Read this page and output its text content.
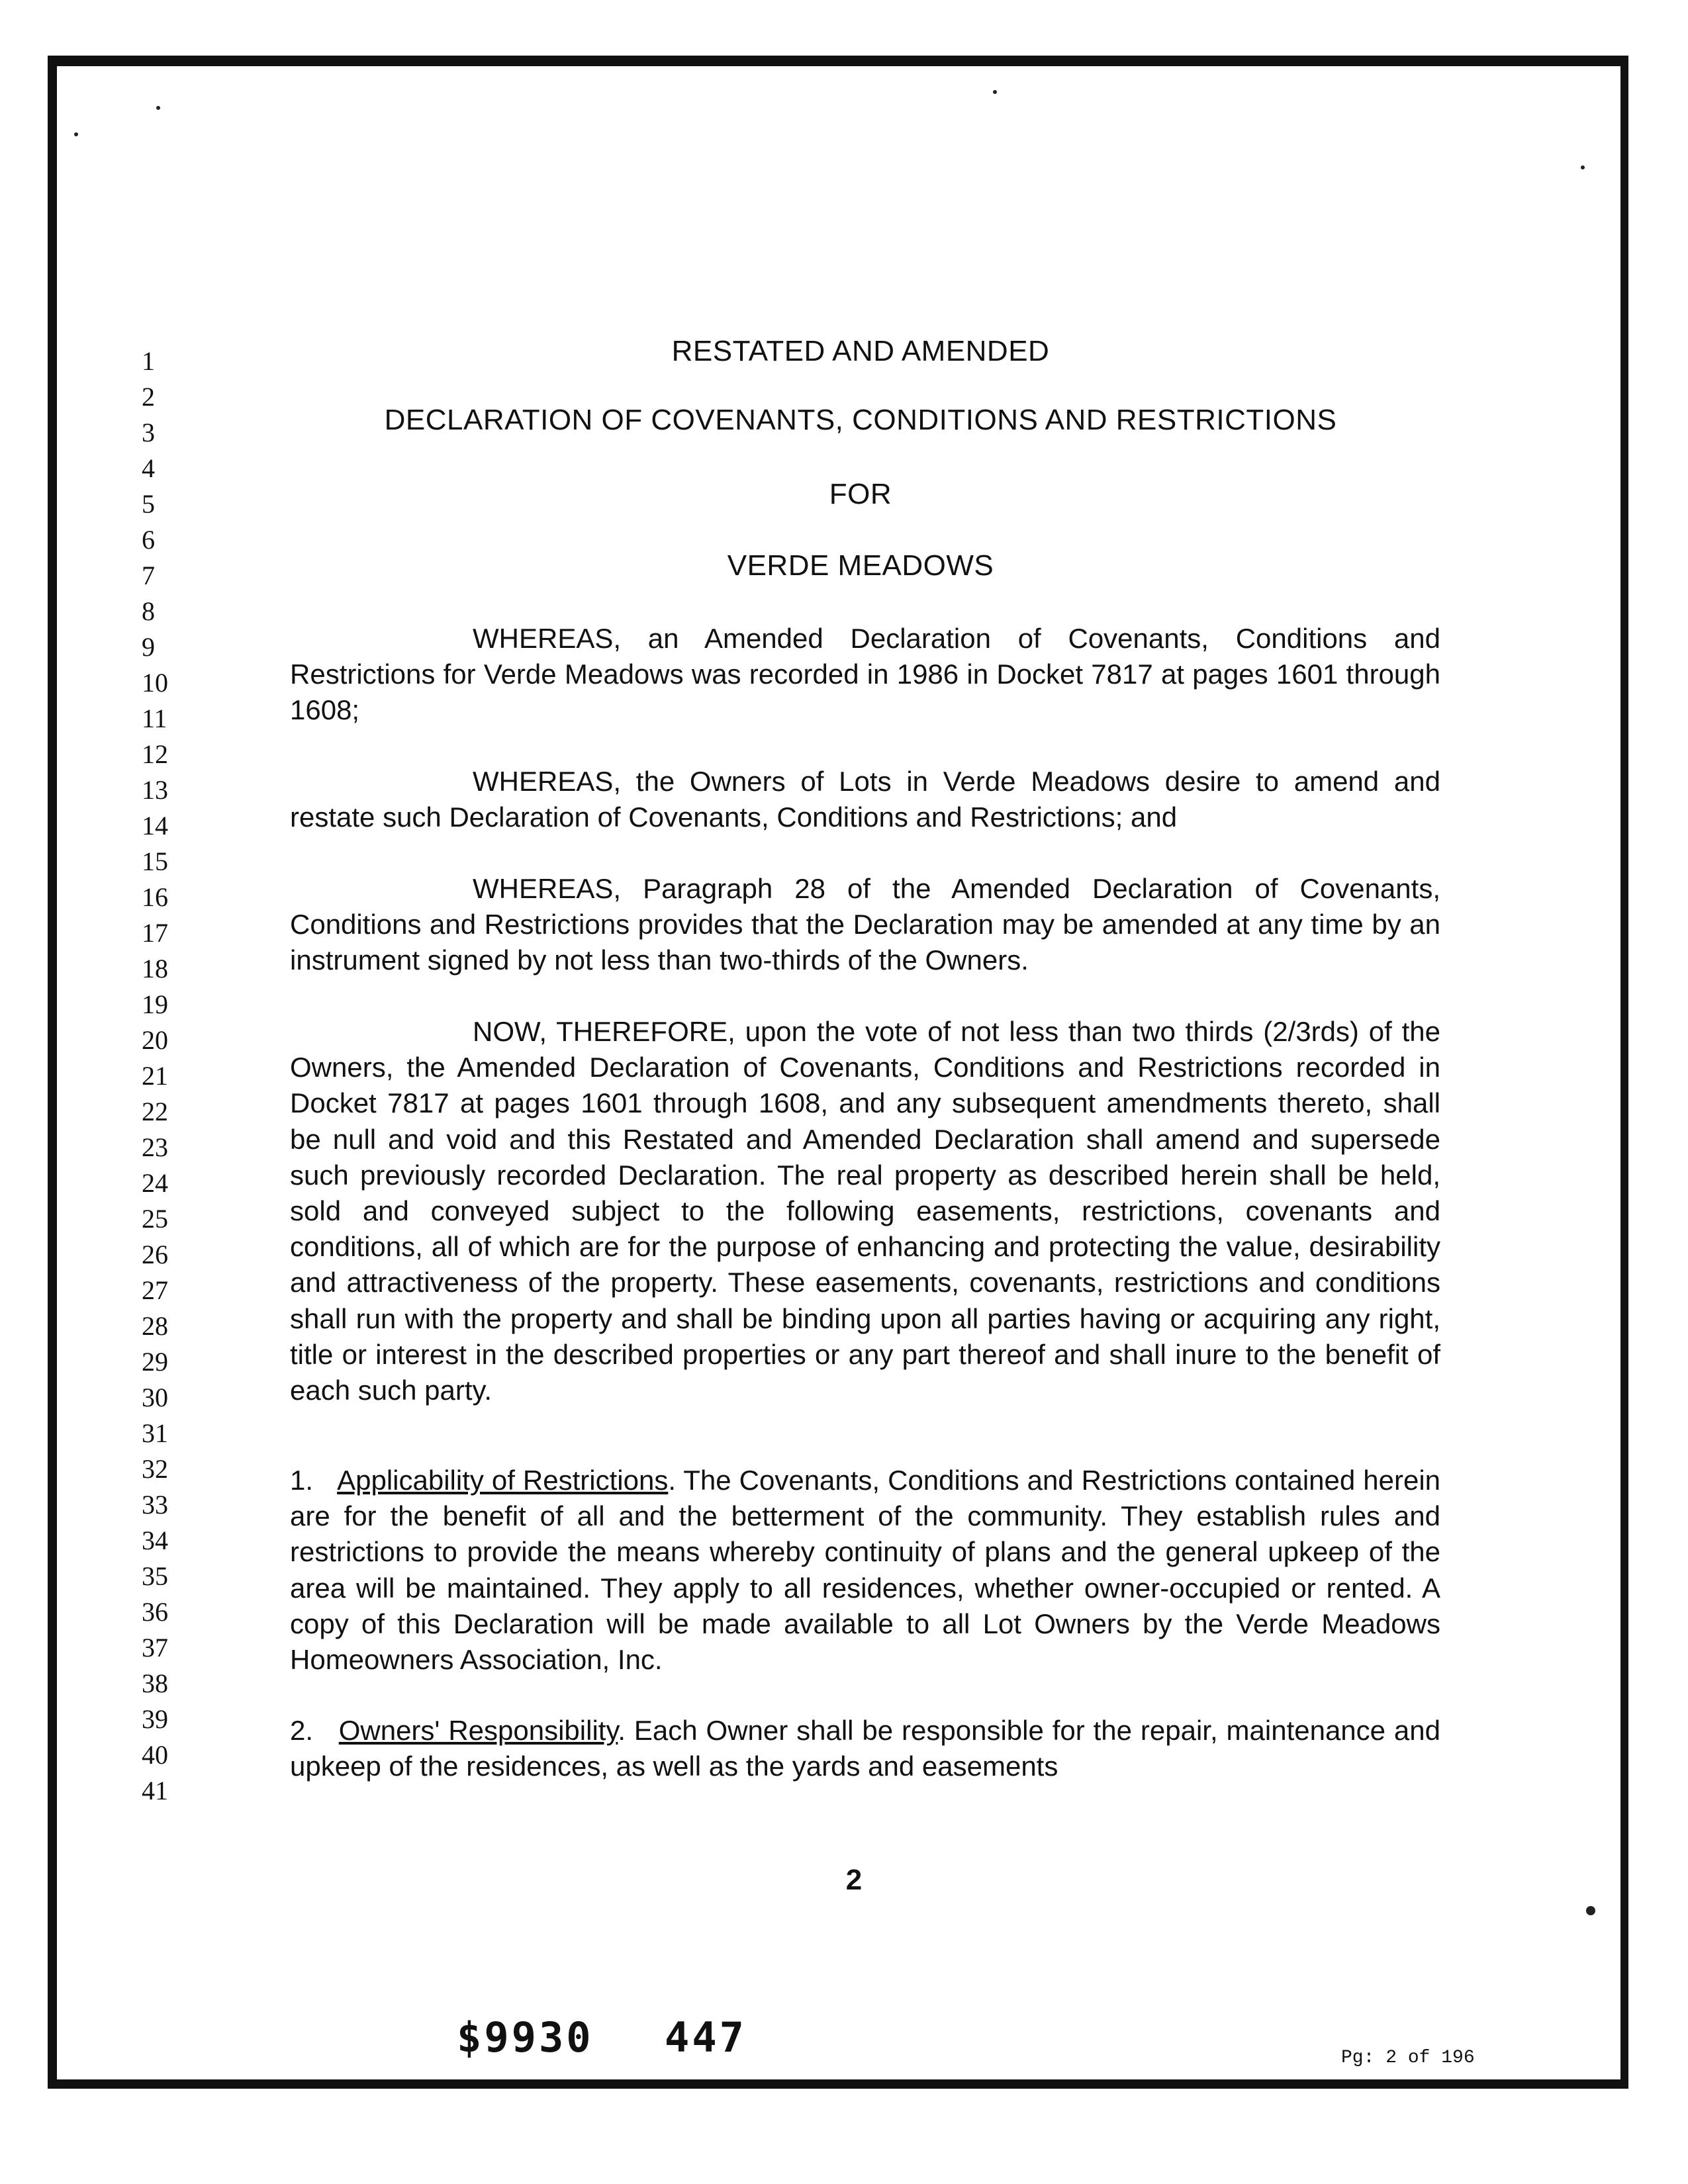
RESTATED AND AMENDED
DECLARATION OF COVENANTS, CONDITIONS AND RESTRICTIONS
FOR
VERDE MEADOWS
1
2
3
4
5
6
7
8
9
10
11
12
13
14
15
16
17
18
19
20
21
22
23
24
25
26
27
28
29
30
31
32
33
34
35
36
37
38
39
40
41
WHEREAS, an Amended Declaration of Covenants, Conditions and Restrictions for Verde Meadows was recorded in 1986 in Docket 7817 at pages 1601 through 1608;
WHEREAS, the Owners of Lots in Verde Meadows desire to amend and restate such Declaration of Covenants, Conditions and Restrictions; and
WHEREAS, Paragraph 28 of the Amended Declaration of Covenants, Conditions and Restrictions provides that the Declaration may be amended at any time by an instrument signed by not less than two-thirds of the Owners.
NOW, THEREFORE, upon the vote of not less than two thirds (2/3rds) of the Owners, the Amended Declaration of Covenants, Conditions and Restrictions recorded in Docket 7817 at pages 1601 through 1608, and any subsequent amendments thereto, shall be null and void and this Restated and Amended Declaration shall amend and supersede such previously recorded Declaration. The real property as described herein shall be held, sold and conveyed subject to the following easements, restrictions, covenants and conditions, all of which are for the purpose of enhancing and protecting the value, desirability and attractiveness of the property. These easements, covenants, restrictions and conditions shall run with the property and shall be binding upon all parties having or acquiring any right, title or interest in the described properties or any part thereof and shall inure to the benefit of each such party.
1. Applicability of Restrictions. The Covenants, Conditions and Restrictions contained herein are for the benefit of all and the betterment of the community. They establish rules and restrictions to provide the means whereby continuity of plans and the general upkeep of the area will be maintained. They apply to all residences, whether owner-occupied or rented. A copy of this Declaration will be made available to all Lot Owners by the Verde Meadows Homeowners Association, Inc.
2. Owners' Responsibility. Each Owner shall be responsible for the repair, maintenance and upkeep of the residences, as well as the yards and easements
2
$9930 447	Pg: 2 of 196
